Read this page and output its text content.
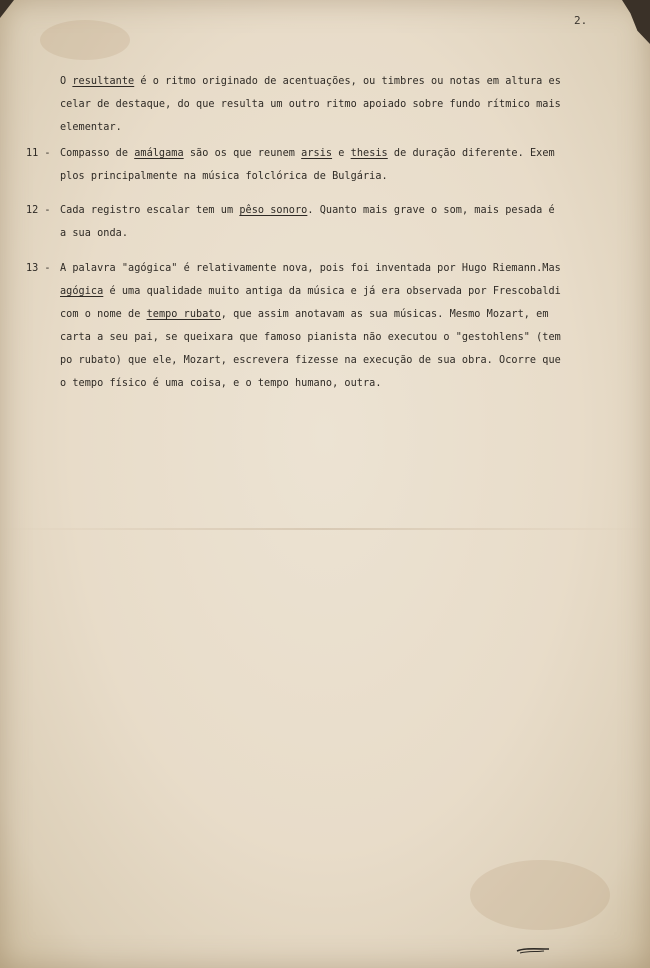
2.
11 -
12 -
13 -
O resultante é o ritmo originado de acentuações, ou timbres ou notas em altura es
celar de destaque, do que resulta um outro ritmo apoiado sobre fundo rítmico mais
elementar.
Compasso de amálgama são os que reunem arsis e thesis de duração diferente. Exem
plos principalmente na música folclórica de Bulgária.
Cada registro escalar tem um pêso sonoro. Quanto mais grave o som, mais pesada é
a sua onda.
A palavra "agógica" é relativamente nova, pois foi inventada por Hugo Riemann.Mas
agógica é uma qualidade muito antiga da música e já era observada por Frescobaldi
com o nome de tempo rubato, que assim anotavam as sua músicas. Mesmo Mozart, em
carta a seu pai, se queixara que famoso pianista não executou o "gestohlens" (tem
po rubato) que ele, Mozart, escrevera fizesse na execução de sua obra. Ocorre que
o tempo físico é uma coisa, e o tempo humano, outra.
